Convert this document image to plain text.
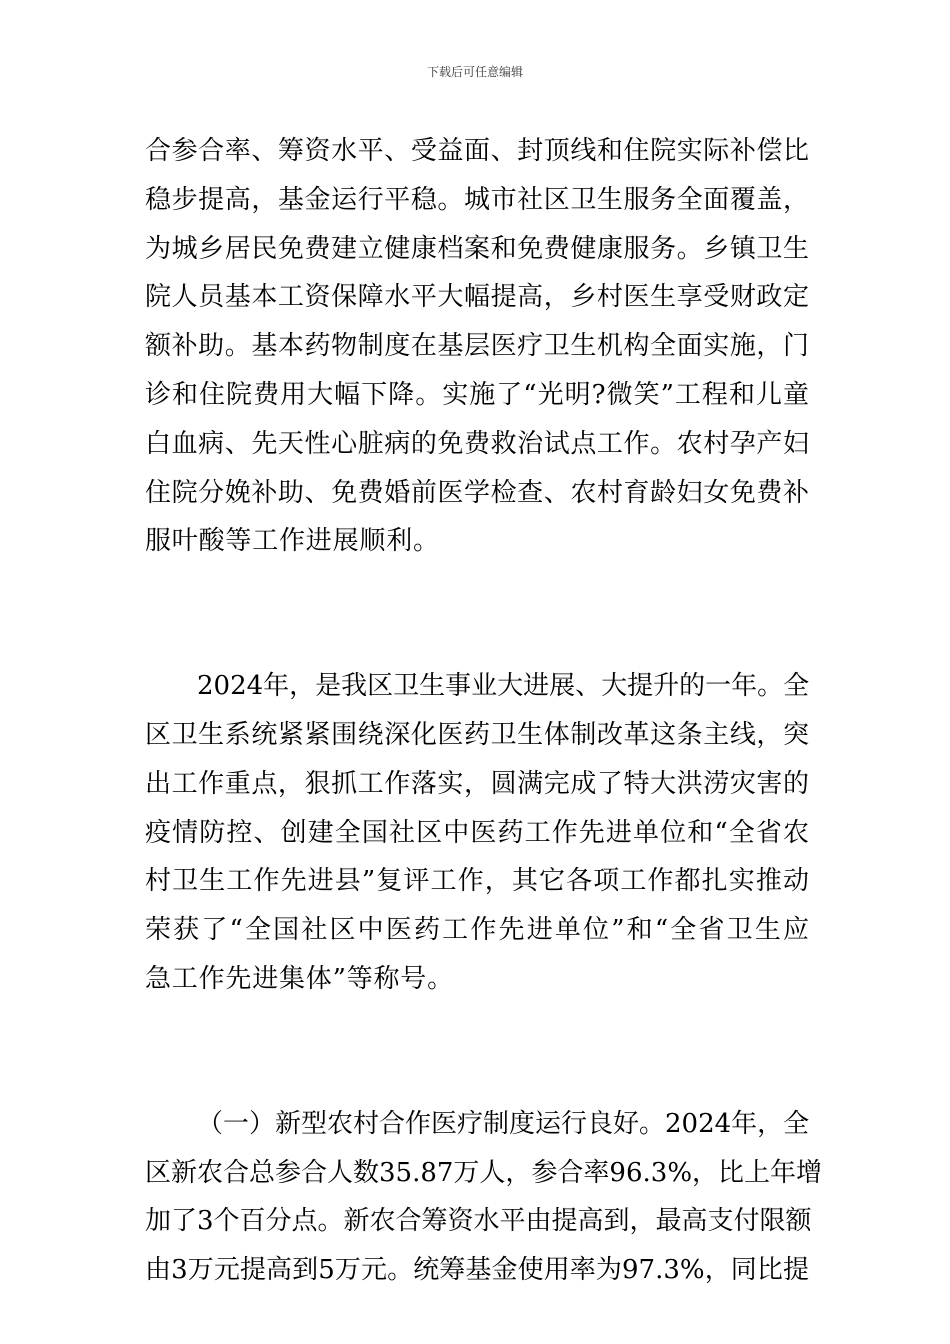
下载后可任意编辑
合参合率、筹资水平、受益面、封顶线和住院实际补偿比
稳步提高，基金运行平稳。城市社区卫生服务全面覆盖，
为城乡居民免费建立健康档案和免费健康服务。乡镇卫生
院人员基本工资保障水平大幅提高，乡村医生享受财政定
额补助。基本药物制度在基层医疗卫生机构全面实施，门
诊和住院费用大幅下降。实施了“光明?微笑”工程和儿童
白血病、先天性心脏病的免费救治试点工作。农村孕产妇
住院分娩补助、免费婚前医学检查、农村育龄妇女免费补
服叶酸等工作进展顺利。
2024年，是我区卫生事业大进展、大提升的一年。全
区卫生系统紧紧围绕深化医药卫生体制改革这条主线，突
出工作重点，狠抓工作落实，圆满完成了特大洪涝灾害的
疫情防控、创建全国社区中医药工作先进单位和“全省农
村卫生工作先进县”复评工作，其它各项工作都扎实推动
荣获了“全国社区中医药工作先进单位”和“全省卫生应
急工作先进集体”等称号。
（一）新型农村合作医疗制度运行良好。2024年，全
区新农合总参合人数35.87万人，参合率96.3%，比上年增
加了3个百分点。新农合筹资水平由提高到，最高支付限额
由3万元提高到5万元。统筹基金使用率为97.3%，同比提
